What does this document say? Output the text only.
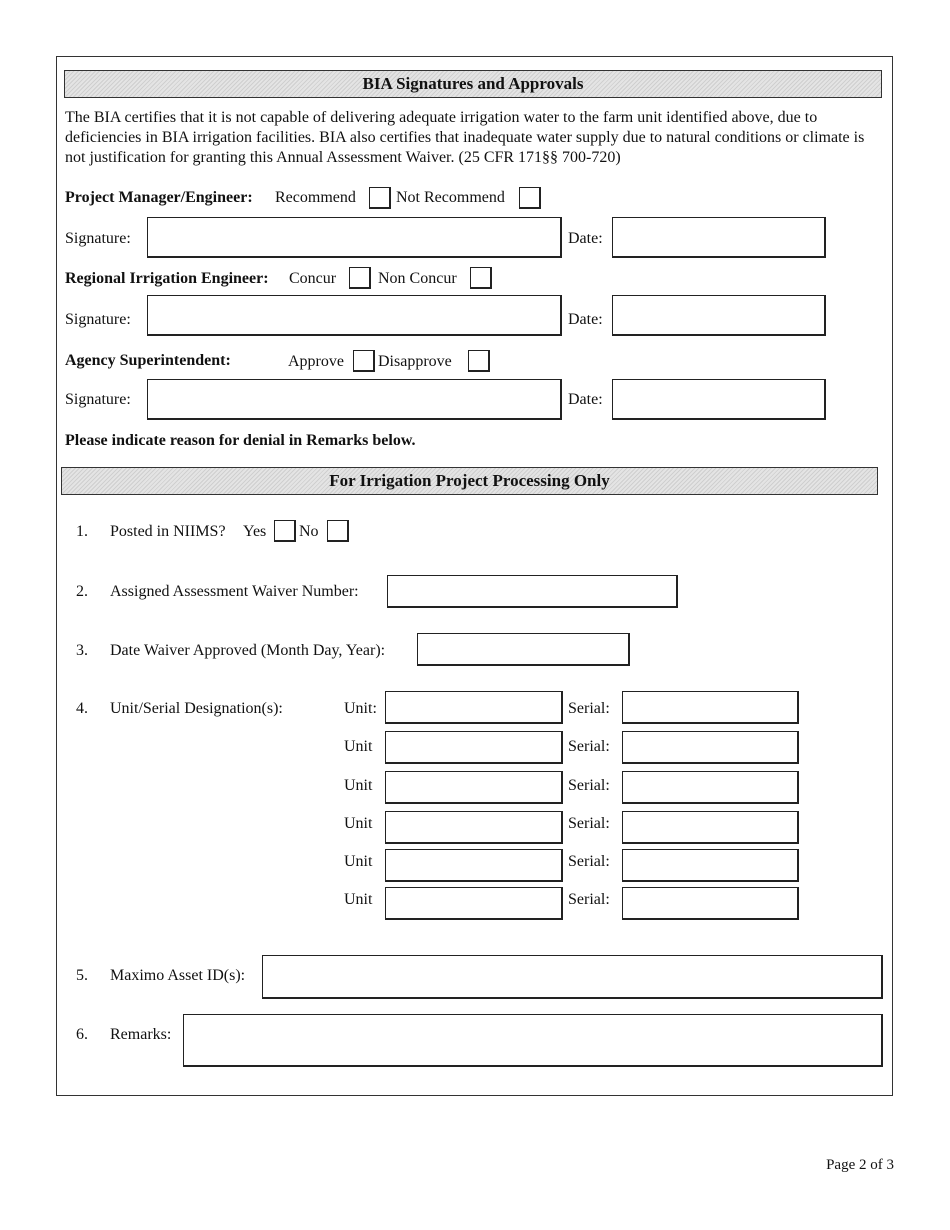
BIA Signatures and Approvals
The BIA certifies that it is not capable of delivering adequate irrigation water to the farm unit identified above, due to deficiencies in BIA irrigation facilities. BIA also certifies that inadequate water supply due to natural conditions or climate is not justification for granting this Annual Assessment Waiver. (25 CFR 171§§ 700-720)
Project Manager/Engineer: Recommend	Not Recommend
Signature:	Date:
Regional Irrigation Engineer: Concur	Non Concur
Signature:	Date:
Agency Superintendent:	Approve Disapprove
Signature:	Date:
Please indicate reason for denial in Remarks below.
For Irrigation Project Processing Only
1. Posted in NIIMS? Yes No
2. Assigned Assessment Waiver Number:
3. Date Waiver Approved (Month Day, Year):
4. Unit/Serial Designation(s):	Unit:	Serial:
Unit	Serial:
Unit	Serial:
Unit	Serial:
Unit	Serial:
Unit	Serial:
5. Maximo Asset ID(s):
6. Remarks:
Page 2 of 3
